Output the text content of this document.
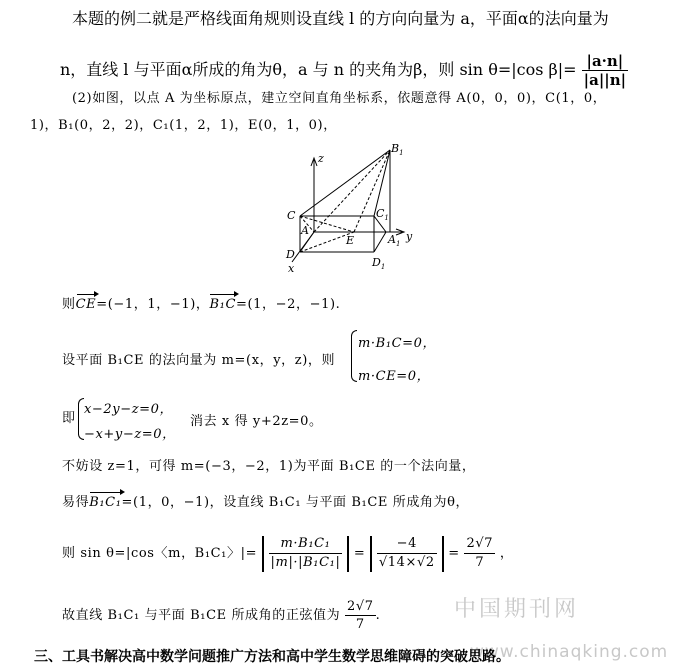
本题的例二就是严格线面角规则设直线 l 的方向向量为 a，平面α的法向量为
n，直线 l 与平面α所成的角为θ，a 与 n 的夹角为β，则 sin θ=|cos $\beta|= \frac{|a\cdot n|}{|a||n|}$
(2)如图，以点 A 为坐标原点，建立空间直角坐标系，依题意得 A(0，0，0)，C(1，0，
1)，B₁(0，2，2)，C₁(1，2，1)，E(0，1，0)，
z
x
y
$B_1$
C	$C_1$
A
E	$A_1$
D
$D_1$
则CE=(−1，1，−1)，B₁C=(1，−2，−1).
设平面 B₁CE 的法向量为 m=(x，y，z)，则
m·B₁C=0，
m·CE=0，
即
x−2y−z=0，
−x+y−z=0，
消去 x 得 y+2z=0。
不妨设 z=1，可得 m=(−3，−2，1)为平面 B₁CE 的一个法向量，
易得B₁C₁=(1，0，−1)，设直线 B₁C₁ 与平面 B₁CE 所成角为θ，
则 sin θ=|cos〈m，B₁C₁〉|= $\frac{\text{m·B₁C₁}}{\text{|m|·|B₁C₁|}} = \frac{-4}{√14\times√2} = \frac{2√7}{7}$ ，
故直线 B₁C₁ 与平面 B₁CE 所成角的正弦值为 $\frac{2√7}{7}$ .	中国期刊网
www.chinaqking.com
三、工具书解决高中数学问题推广方法和高中学生数学思维障碍的突破思路。
